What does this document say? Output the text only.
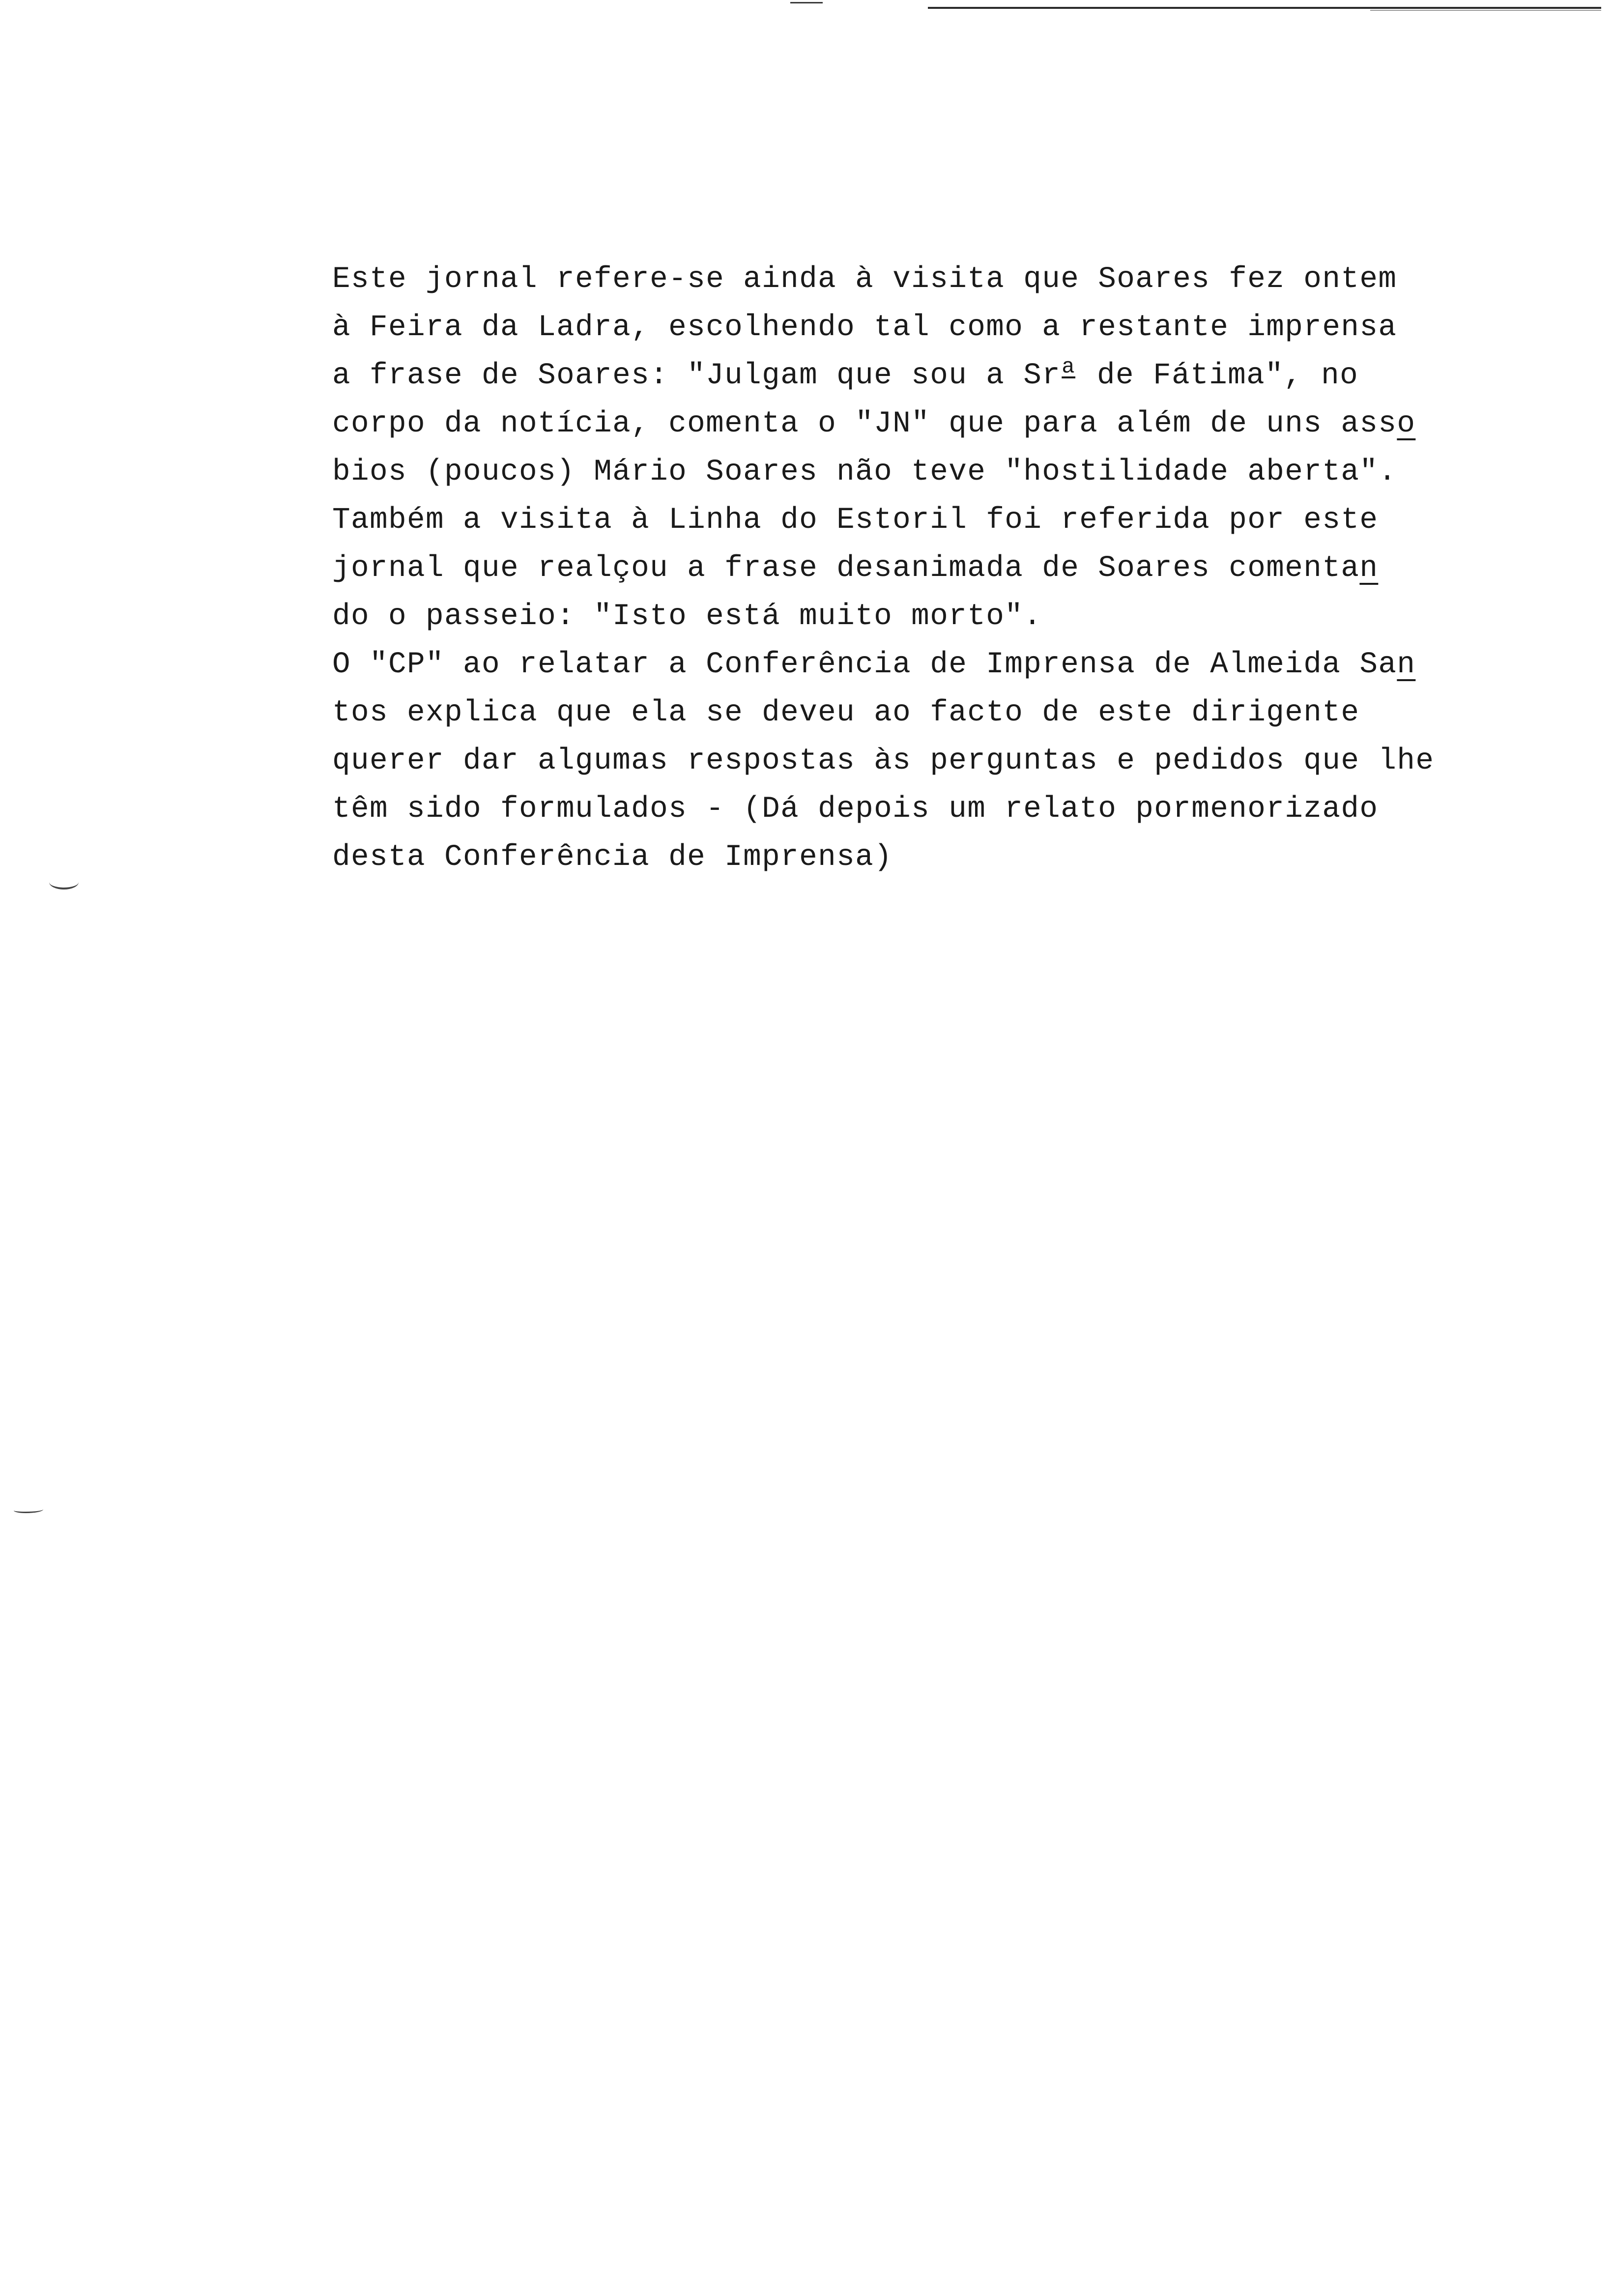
Este jornal refere-se ainda à visita que Soares fez ontem
à Feira da Ladra, escolhendo tal como a restante imprensa
a frase de Soares: "Julgam que sou a Sra de Fátima", no
corpo da notícia, comenta o "JN" que para além de uns asso
bios (poucos) Mário Soares não teve "hostilidade aberta".
Também a visita à Linha do Estoril foi referida por este
jornal que realçou a frase desanimada de Soares comentan
do o passeio: "Isto está muito morto".
O "CP" ao relatar a Conferência de Imprensa de Almeida San
tos explica que ela se deveu ao facto de este dirigente
querer dar algumas respostas às perguntas e pedidos que lhe
têm sido formulados - (Dá depois um relato pormenorizado
desta Conferência de Imprensa)
